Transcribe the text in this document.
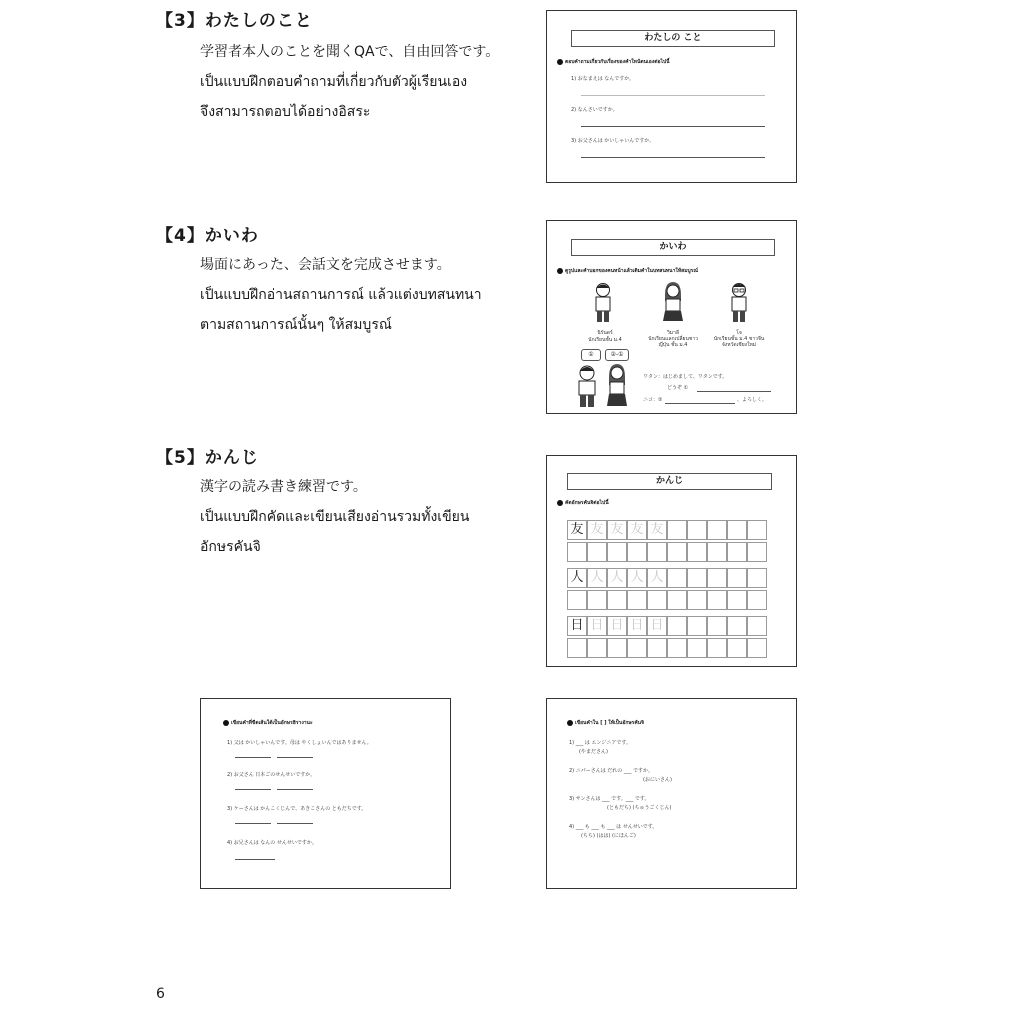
【3】わたしのこと
学習者本人のことを聞くQAで、自由回答です。
เป็นแบบฝึกตอบคำถามที่เกี่ยวกับตัวผู้เรียนเอง
จึงสามารถตอบได้อย่างอิสระ
わたしの こと
ตอบคำถามเกี่ยวกับเรื่องของคำใหน้ตนเองต่อไปนี้
1) おなまえは なんですか。
2) なんさいですか。
3) お父さんは かいしゃいんですか。
【4】かいわ
場面にあった、会話文を完成させます。
เป็นแบบฝึกอ่านสถานการณ์ แล้วแต่งบทสนทนา
ตามสถานการณ์นั้นๆ ให้สมบูรณ์
かいわ
ดูรูปและคำบอกของคนหน้าแล้วเติมคำในบทสนทนาให้สมบูรณ์
นิรันดร์
นักเรียนชั้น ม.4
วิมาลี
นักเรียนแลกเปลี่ยนชาวญี่ปุ่น ชั้น ม.4
โจ
นักเรียนชั้น ม.4 ชาวจีน จังหวัดเชียงใหม่
①	②-①
ワタン：はじめまして、ワタンです。
どうぞ ①
ニコ：②	、よろしく。
【5】かんじ
漢字の読み書き練習です。
เป็นแบบฝึกคัดและเขียนเสียงอ่านรวมทั้งเขียน
อักษรคันจิ
かんじ
คัดอักษรคันจิต่อไปนี้
友 友 友 友 友
人 人 人 人 人
日 日 日 日 日
เขียนคำที่ขีดเส้นใต้เป็นอักษรฮิรางานะ
1) 父は かいしゃいんです。母は やくしょいんではありません。
2) お父さん 日本ごのせんせいですか。
3) ケーさんは かんこくじんで、あきこさんの ともだちです。
4) お兄さんは なんの せんせいですか。
เขียนคำใน [ ] ให้เป็นอักษรคันจิ
1) ___ は エンジニアです。
(やまださん)
2) ニパーさんは だれの ___ ですか。
(おにいさん)
3) サンさんは ___ です。___ です。
(ともだち) (ちゅうごくじん)
4) ___ も ___ も ___ は せんせいです。
(ちち) (はは) (にほんご)
6
